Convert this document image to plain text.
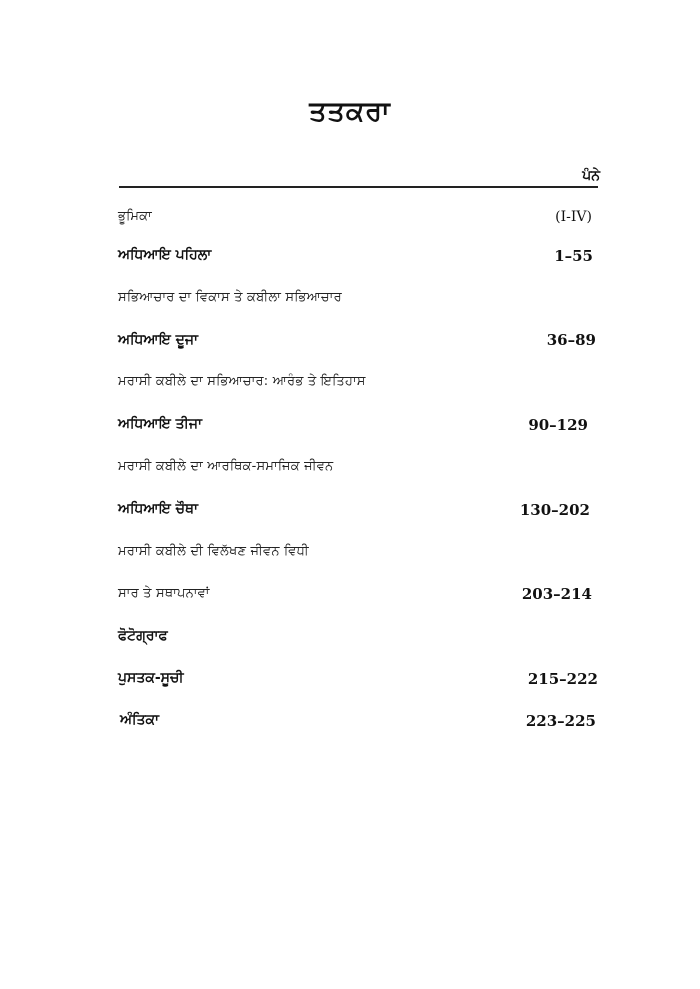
ਤਤਕਰਾ
ਪੰਨੇ
ਭੂਮਿਕਾ	(I-IV)
ਅਧਿਆਇ ਪਹਿਲਾ	1–55
ਸਭਿਆਚਾਰ ਦਾ ਵਿਕਾਸ ਤੇ ਕਬੀਲਾ ਸਭਿਆਚਾਰ
ਅਧਿਆਇ ਦੂਜਾ	36–89
ਮਰਾਸੀ ਕਬੀਲੇ ਦਾ ਸਭਿਆਚਾਰ: ਆਰੰਭ ਤੇ ਇਤਿਹਾਸ
ਅਧਿਆਇ ਤੀਜਾ	90–129
ਮਰਾਸੀ ਕਬੀਲੇ ਦਾ ਆਰਥਿਕ-ਸਮਾਜਿਕ ਜੀਵਨ
ਅਧਿਆਇ ਚੌਥਾ	130–202
ਮਰਾਸੀ ਕਬੀਲੇ ਦੀ ਵਿਲੱਖਣ ਜੀਵਨ ਵਿਧੀ
ਸਾਰ ਤੇ ਸਥਾਪਨਾਵਾਂ	203–214
ਫੋਟੋਗ੍ਰਾਫ
ਪੁਸਤਕ-ਸੂਚੀ	215–222
ਅੰਤਿਕਾ	223–225
